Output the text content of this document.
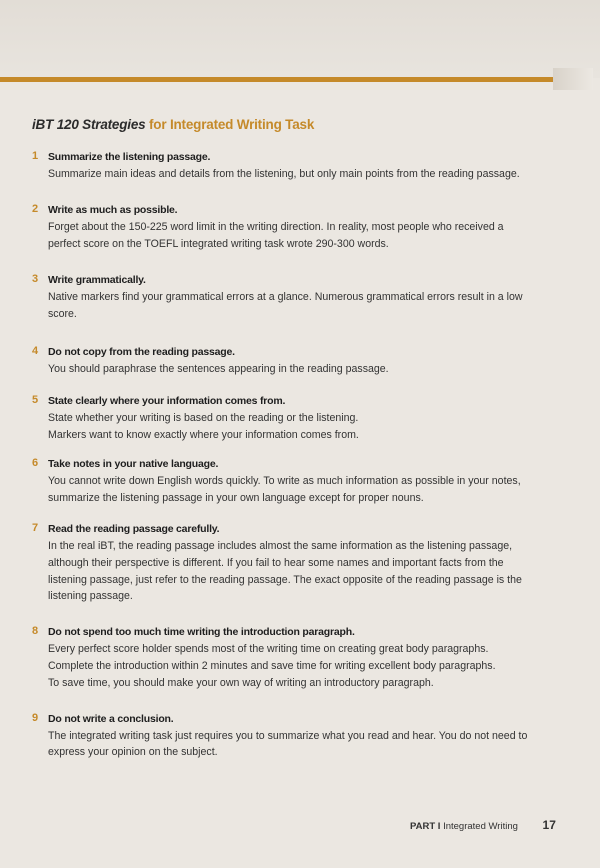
iBT 120 Strategies for Integrated Writing Task
1 Summarize the listening passage.

Summarize main ideas and details from the listening, but only main points from the reading passage.

2 Write as much as possible.

Forget about the 150-225 word limit in the writing direction. In reality, most people who received a perfect score on the TOEFL integrated writing task wrote 290-300 words.

3 Write grammatically.

Native markers find your grammatical errors at a glance. Numerous grammatical errors result in a low score.

4 Do not copy from the reading passage.

You should paraphrase the sentences appearing in the reading passage.

5 State clearly where your information comes from.

State whether your writing is based on the reading or the listening.

Markers want to know exactly where your information comes from.

6 Take notes in your native language.

You cannot write down English words quickly. To write as much information as possible in your notes, summarize the listening passage in your own language except for proper nouns.

7 Read the reading passage carefully.

In the real iBT, the reading passage includes almost the same information as the listening passage, although their perspective is different. If you fail to hear some names and important facts from the listening passage, just refer to the reading passage. The exact opposite of the reading passage is the listening passage.

8 Do not spend too much time writing the introduction paragraph.

Every perfect score holder spends most of the writing time on creating great body paragraphs.

Complete the introduction within 2 minutes and save time for writing excellent body paragraphs.

To save time, you should make your own way of writing an introductory paragraph.

9 Do not write a conclusion.

The integrated writing task just requires you to summarize what you read and hear. You do not need to express your opinion on the subject.

PART I Integrated Writing 17
